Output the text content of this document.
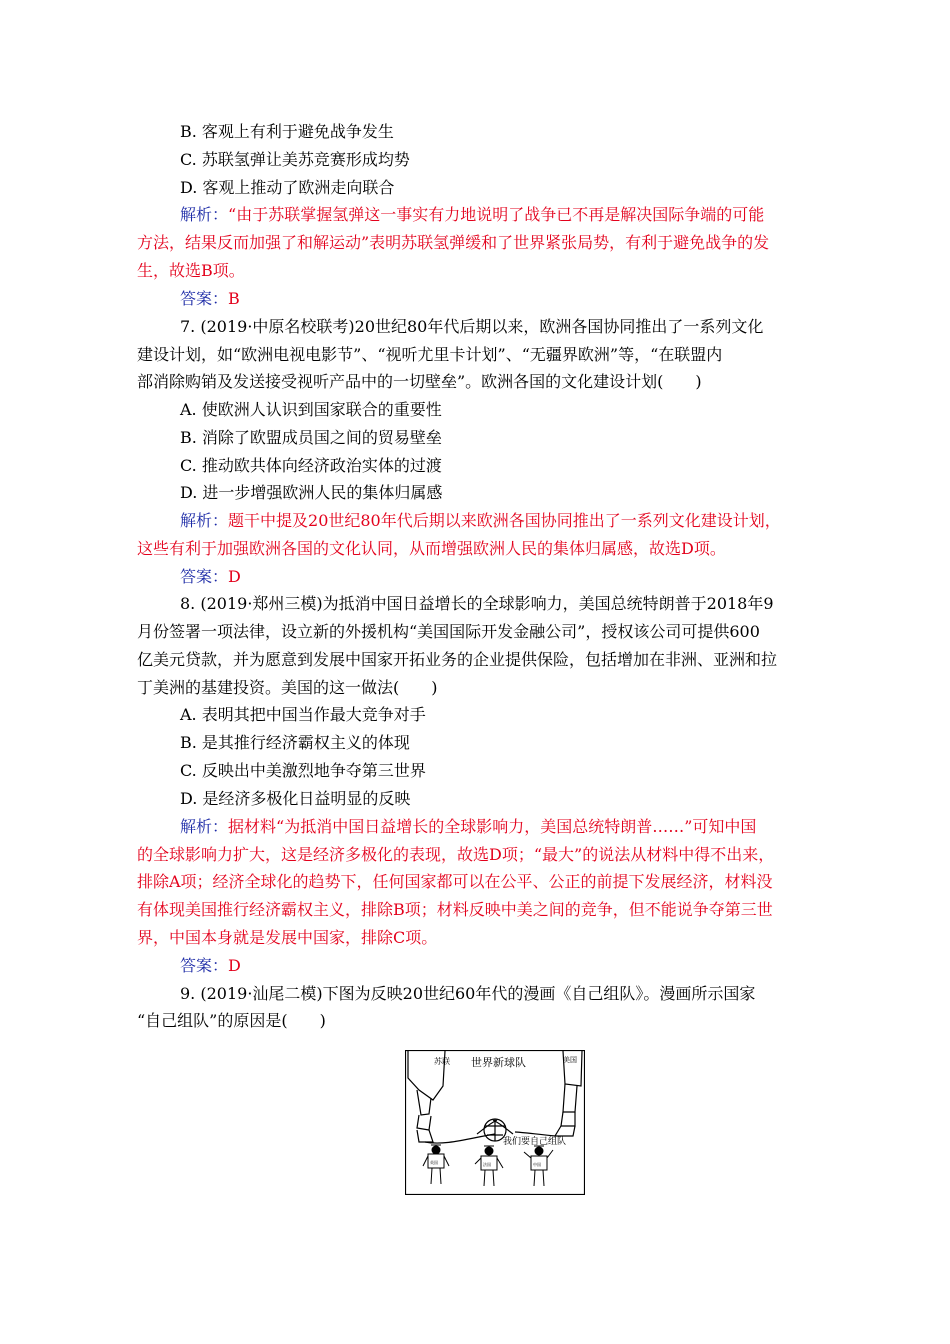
B. 客观上有利于避免战争发生
C. 苏联氢弹让美苏竞赛形成均势
D. 客观上推动了欧洲走向联合
解析：“由于苏联掌握氢弹这一事实有力地说明了战争已不再是解决国际争端的可能
方法，结果反而加强了和解运动”表明苏联氢弹缓和了世界紧张局势，有利于避免战争的发
生，故选B项。
答案：B
7. (2019·中原名校联考)20世纪80年代后期以来，欧洲各国协同推出了一系列文化
建设计划，如“欧洲电视电影节”、“视听尤里卡计划”、“无疆界欧洲”等，“在联盟内
部消除购销及发送接受视听产品中的一切壁垒”。欧洲各国的文化建设计划(　　)
A. 使欧洲人认识到国家联合的重要性
B. 消除了欧盟成员国之间的贸易壁垒
C. 推动欧共体向经济政治实体的过渡
D. 进一步增强欧洲人民的集体归属感
解析：题干中提及20世纪80年代后期以来欧洲各国协同推出了一系列文化建设计划，
这些有利于加强欧洲各国的文化认同，从而增强欧洲人民的集体归属感，故选D项。
答案：D
8. (2019·郑州三模)为抵消中国日益增长的全球影响力，美国总统特朗普于2018年9
月份签署一项法律，设立新的外援机构“美国国际开发金融公司”，授权该公司可提供600
亿美元贷款，并为愿意到发展中国家开拓业务的企业提供保险，包括增加在非洲、亚洲和拉
丁美洲的基建投资。美国的这一做法(　　)
A. 表明其把中国当作最大竞争对手
B. 是其推行经济霸权主义的体现
C. 反映出中美激烈地争夺第三世界
D. 是经济多极化日益明显的反映
解析：据材料“为抵消中国日益增长的全球影响力，美国总统特朗普……”可知中国
的全球影响力扩大，这是经济多极化的表现，故选D项；“最大”的说法从材料中得不出来，
排除A项；经济全球化的趋势下，任何国家都可以在公平、公正的前提下发展经济，材料没
有体现美国推行经济霸权主义，排除B项；材料反映中美之间的竞争，但不能说争夺第三世
界，中国本身就是发展中国家，排除C项。
答案：D
9. (2019·汕尾二模)下图为反映20世纪60年代的漫画《自己组队》。漫画所示国家
“自己组队”的原因是(　　)
苏联 世界新球队	美国
我们要自己组队
英国	法国	中国
